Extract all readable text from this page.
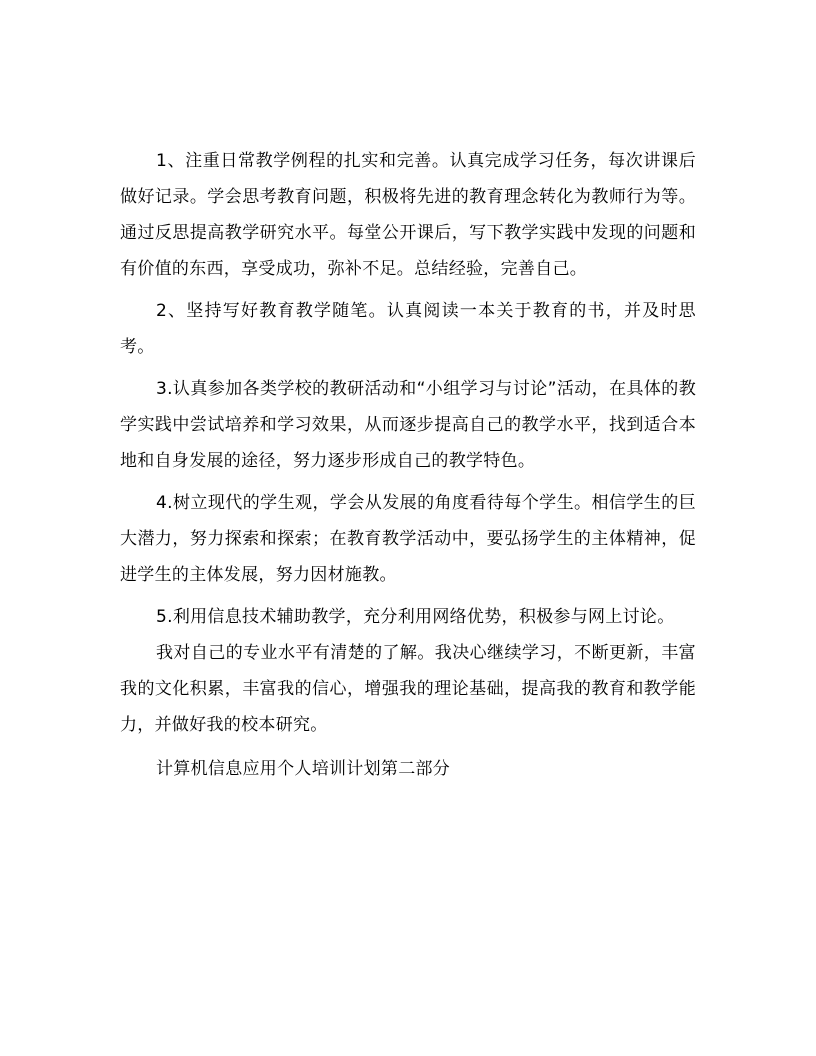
1、注重日常教学例程的扎实和完善。认真完成学习任务，每次讲课后做好记录。学会思考教育问题，积极将先进的教育理念转化为教师行为等。通过反思提高教学研究水平。每堂公开课后，写下教学实践中发现的问题和有价值的东西，享受成功，弥补不足。总结经验，完善自己。

2、坚持写好教育教学随笔。认真阅读一本关于教育的书，并及时思考。

3.认真参加各类学校的教研活动和“小组学习与讨论”活动，在具体的教学实践中尝试培养和学习效果，从而逐步提高自己的教学水平，找到适合本地和自身发展的途径，努力逐步形成自己的教学特色。

4.树立现代的学生观，学会从发展的角度看待每个学生。相信学生的巨大潜力，努力探索和探索；在教育教学活动中，要弘扬学生的主体精神，促进学生的主体发展，努力因材施教。

5.利用信息技术辅助教学，充分利用网络优势，积极参与网上讨论。

我对自己的专业水平有清楚的了解。我决心继续学习，不断更新，丰富我的文化积累，丰富我的信心，增强我的理论基础，提高我的教育和教学能力，并做好我的校本研究。

计算机信息应用个人培训计划第二部分
